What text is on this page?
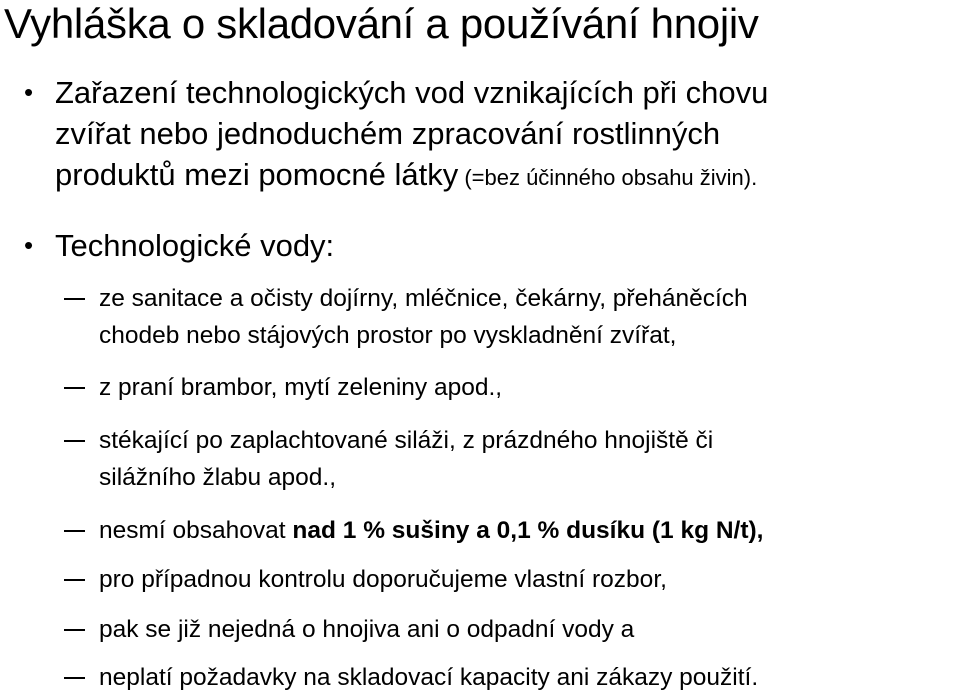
Vyhláška o skladování a používání hnojiv
• Zařazení technologických vod vznikajících při chovu
zvířat nebo jednoduchém zpracování rostlinných
produktů mezi pomocné látky (=bez účinného obsahu živin).
• Technologické vody:
ze sanitace a očisty dojírny, mléčnice, čekárny, přeháněcích
chodeb nebo stájových prostor po vyskladnění zvířat,
z praní brambor, mytí zeleniny apod.,
stékající po zaplachtované siláži, z prázdného hnojiště či
silážního žlabu apod.,
nesmí obsahovat nad 1 % sušiny a 0,1 % dusíku (1 kg N/t),
pro případnou kontrolu doporučujeme vlastní rozbor,
pak se již nejedná o hnojiva ani o odpadní vody a
neplatí požadavky na skladovací kapacity ani zákazy použití.
